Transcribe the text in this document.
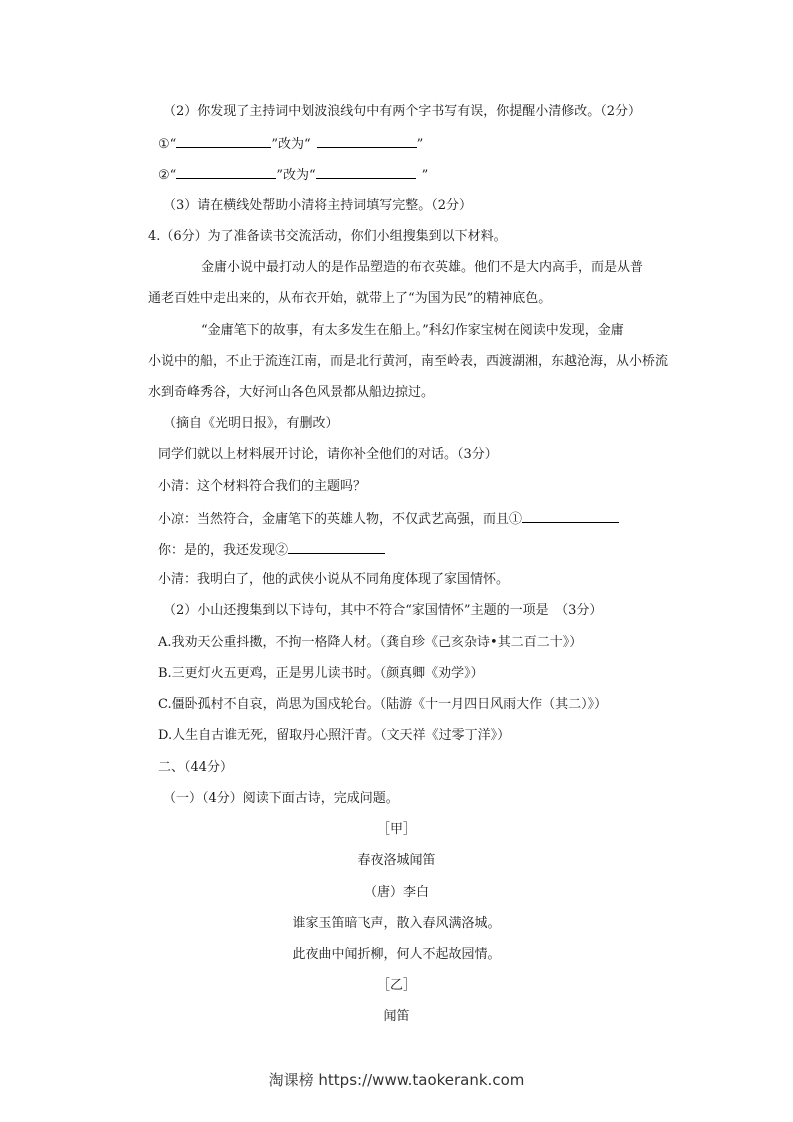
（2）你发现了主持词中划波浪线句中有两个字书写有误，你提醒小清修改。（2分）
①“	”改为“	”
②“	”改为“	”
（3）请在横线处帮助小清将主持词填写完整。（2分）
4.（6分）为了准备读书交流活动，你们小组搜集到以下材料。
金庸小说中最打动人的是作品塑造的布衣英雄。他们不是大内高手，而是从普
通老百姓中走出来的，从布衣开始，就带上了“为国为民”的精神底色。
“金庸笔下的故事，有太多发生在船上。”科幻作家宝树在阅读中发现，金庸
小说中的船，不止于流连江南，而是北行黄河，南至岭表，西渡湖湘，东越沧海，从小桥流
水到奇峰秀谷，大好河山各色风景都从船边掠过。
（摘自《光明日报》，有删改）
同学们就以上材料展开讨论，请你补全他们的对话。（3分）
小清：这个材料符合我们的主题吗？
小凉：当然符合，金庸笔下的英雄人物，不仅武艺高强，而且①
你：是的，我还发现②
小清：我明白了，他的武侠小说从不同角度体现了家国情怀。
（2）小山还搜集到以下诗句，其中不符合“家国情怀”主题的一项是　（3分）
A.我劝天公重抖擞，不拘一格降人材。（龚自珍《己亥杂诗•其二百二十》）
B.三更灯火五更鸡，正是男儿读书时。（颜真卿《劝学》）
C.僵卧孤村不自哀，尚思为国戍轮台。（陆游《十一月四日风雨大作（其二）》）
D.人生自古谁无死，留取丹心照汗青。（文天祥《过零丁洋》）
二、（44分）
（一）（4分）阅读下面古诗，完成问题。
［甲］
春夜洛城闻笛
（唐）李白
谁家玉笛暗飞声，散入春风满洛城。
此夜曲中闻折柳，何人不起故园情。
［乙］
闻笛
淘课榜 https://www.taokerank.com
